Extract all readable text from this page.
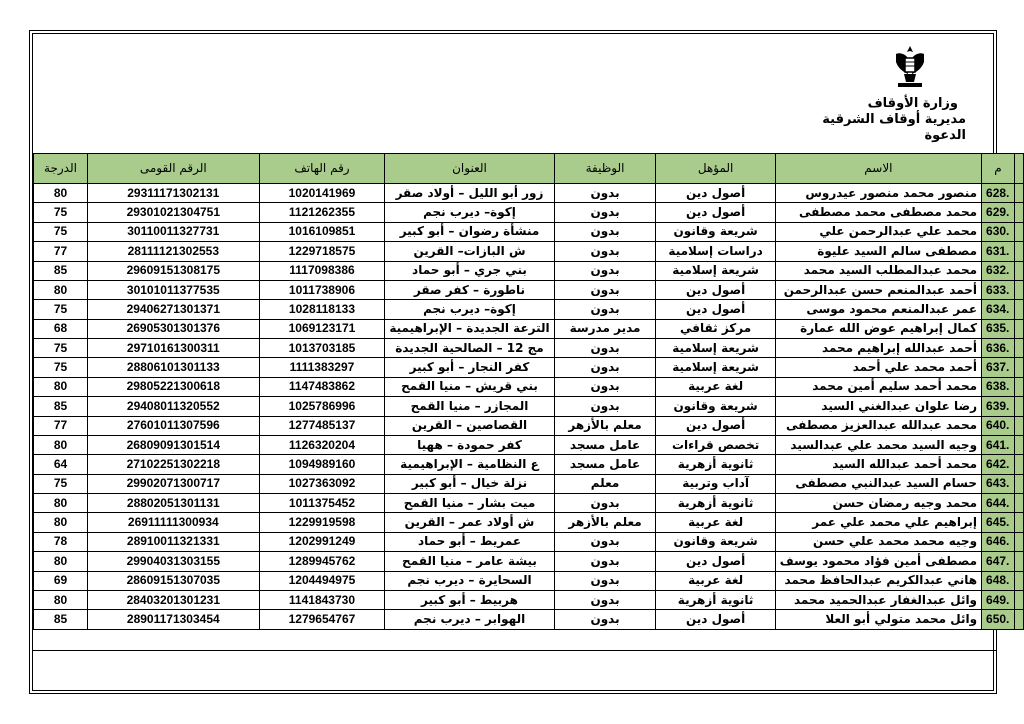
وزارة الأوقاف
مديرية أوقاف الشرقية
الدعوة
الدرجة	الرقم القومى	رقم الهاتف	العنوان	الوظيفة	المؤهل	الاسم	م	
80	29311171302131	1020141969	زور أبو الليل – أولاد صقر	بدون	أصول دين	منصور محمد منصور عيدروس	628.	
75	29301021304751	1121262355	إكوة– ديرب نجم	بدون	أصول دين	محمد مصطفى محمد مصطفى	629.	
75	30110011327731	1016109851	منشأة رضوان – أبو كبير	بدون	شريعة وقانون	محمد علي عبدالرحمن علي	630.	
77	28111121302553	1229718575	ش البازات– القرين	بدون	دراسات إسلامية	مصطفى سالم السيد عليوة	631.	
85	29609151308175	1117098386	بني جري – أبو حماد	بدون	شريعة إسلامية	محمد عبدالمطلب السيد محمد	632.	
80	30101011377535	1011738906	ناطورة – كفر صقر	بدون	أصول دين	أحمد عبدالمنعم حسن عبدالرحمن	633.	
75	29406271301371	1028118133	إكوة– ديرب نجم	بدون	أصول دين	عمر عبدالمنعم محمود موسى	634.	
68	26905301301376	1069123171	الترعة الجديدة – الإبراهيمية	مدير مدرسة	مركز ثقافي	كمال إبراهيم عوض الله عمارة	635.	
75	29710161300311	1013703185	مج 12 – الصالحية الجديدة	بدون	شريعة إسلامية	أحمد عبدالله إبراهيم محمد	636.	
75	28806101301133	1111383297	كفر النجار – أبو كبير	بدون	شريعة إسلامية	أحمد محمد علي أحمد	637.	
80	29805221300618	1147483862	بني قريش – منيا القمح	بدون	لغة عربية	محمد أحمد سليم أمين محمد	638.	
85	29408011320552	1025786996	المجازر – منيا القمح	بدون	شريعة وقانون	رضا علوان عبدالغني السيد	639.	
77	27601011307596	1277485137	القصاصين – القرين	معلم بالأزهر	أصول دين	محمد عبدالله عبدالعزيز مصطفى	640.	
80	26809091301514	1126320204	كفر حمودة – ههيا	عامل مسجد	تخصص قراءات	وجيه السيد محمد علي عبدالسيد	641.	
64	27102251302218	1094989160	ع النظامية – الإبراهيمية	عامل مسجد	ثانوية أزهرية	محمد أحمد عبدالله السيد	642.	
75	29902071300717	1027363092	نزلة خيال – أبو كبير	معلم	آداب وتربية	حسام السيد عبدالنبي مصطفى	643.	
80	28802051301131	1011375452	ميت بشار – منيا القمح	بدون	ثانوية أزهرية	محمد وجيه رمضان حسن	644.	
80	26911111300934	1229919598	ش أولاد عمر – القرين	معلم بالأزهر	لغة عربية	إبراهيم علي محمد علي عمر	645.	
78	28910011321331	1202991249	عمريط – أبو حماد	بدون	شريعة وقانون	وجيه محمد محمد علي حسن	646.	
80	29904031303155	1289945762	بيشة عامر – منيا القمح	بدون	أصول دين	مصطفى أمين فؤاد محمود يوسف	647.	
69	28609151307035	1204494975	السحايرة – ديرب نجم	بدون	لغة عربية	هاني عبدالكريم عبدالحافظ محمد	648.	
80	28403201301231	1141843730	هربيط – أبو كبير	بدون	ثانوية أزهرية	وائل عبدالغفار عبدالحميد محمد	649.	
85	28901171303454	1279654767	الهوابر – ديرب نجم	بدون	أصول دين	وائل محمد متولي أبو العلا	650.	
